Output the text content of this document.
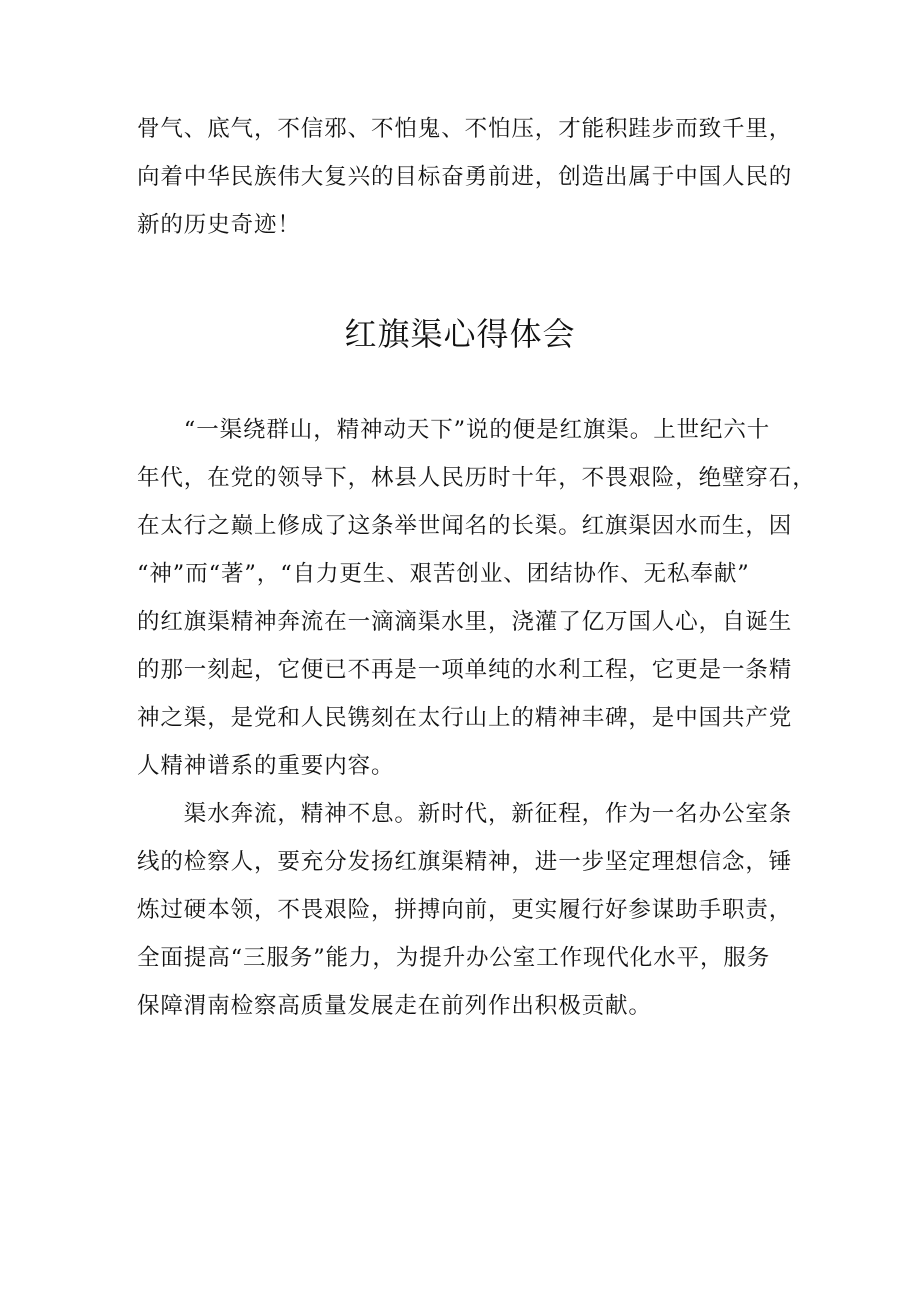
骨气、底气，不信邪、不怕鬼、不怕压，才能积跬步而致千里，
向着中华民族伟大复兴的目标奋勇前进，创造出属于中国人民的
新的历史奇迹！
红旗渠心得体会
　　“一渠绕群山，精神动天下”说的便是红旗渠。上世纪六十
年代，在党的领导下，林县人民历时十年，不畏艰险，绝壁穿石，
在太行之巅上修成了这条举世闻名的长渠。红旗渠因水而生，因
“神”而“著”，“自力更生、艰苦创业、团结协作、无私奉献”
的红旗渠精神奔流在一滴滴渠水里，浇灌了亿万国人心，自诞生
的那一刻起，它便已不再是一项单纯的水利工程，它更是一条精
神之渠，是党和人民镌刻在太行山上的精神丰碑，是中国共产党
人精神谱系的重要内容。
　　渠水奔流，精神不息。新时代，新征程，作为一名办公室条
线的检察人，要充分发扬红旗渠精神，进一步坚定理想信念，锤
炼过硬本领，不畏艰险，拼搏向前，更实履行好参谋助手职责，
全面提高“三服务”能力，为提升办公室工作现代化水平，服务
保障渭南检察高质量发展走在前列作出积极贡献。
